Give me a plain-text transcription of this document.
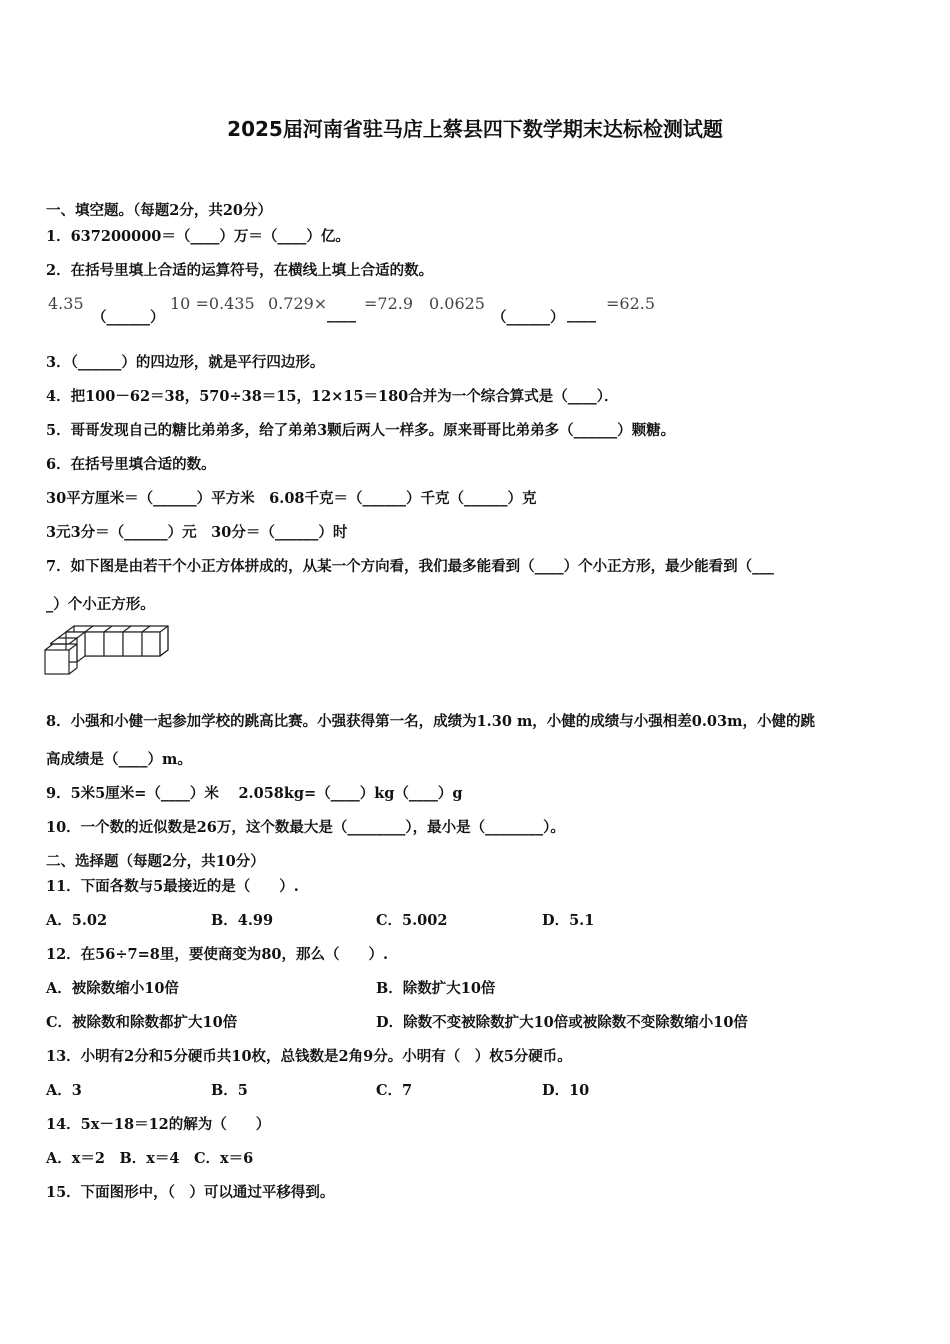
2025届河南省驻马店上蔡县四下数学期末达标检测试题
一、填空题。（每题2分，共20分）
1．637200000＝（____）万＝（____）亿。
2．在括号里填上合适的运算符号，在横线上填上合适的数。
4.35
（______）
10 =0.435 0.729×
____
=72.9 0.0625
（______） ____
=62.5
3．（______）的四边形，就是平行四边形。
4．把100－62＝38，570÷38＝15，12×15＝180合并为一个综合算式是（____）．
5．哥哥发现自己的糖比弟弟多，给了弟弟3颗后两人一样多。原来哥哥比弟弟多（______）颗糖。
6．在括号里填合适的数。
30平方厘米＝（______）平方米　6.08千克＝（______）千克（______）克
3元3分＝（______）元　30分＝（______）时
7．如下图是由若干个小正方体拼成的，从某一个方向看，我们最多能看到（____）个小正方形，最少能看到（___
_）个小正方形。
8．小强和小健一起参加学校的跳高比赛。小强获得第一名，成绩为1.30 m，小健的成绩与小强相差0.03m，小健的跳
高成绩是（____）m。
9．5米5厘米=（____）米　 2.058kg=（____）kg（____）g
10．一个数的近似数是26万，这个数最大是（________），最小是（________）。
二、选择题（每题2分，共10分）
11．下面各数与5最接近的是（　　）.
A．5.02	B．4.99	C．5.002	D．5.1
12．在56÷7=8里，要使商变为80，那么（　　）.
A．被除数缩小10倍	B．除数扩大10倍
C．被除数和除数都扩大10倍	D．除数不变被除数扩大10倍或被除数不变除数缩小10倍
13．小明有2分和5分硬币共10枚，总钱数是2角9分。小明有（　）枚5分硬币。
A．3	B．5	C．7	D．10
14．5x－18＝12的解为（　　）
A．x＝2　B．x＝4　C．x＝6
15．下面图形中，（　）可以通过平移得到。
